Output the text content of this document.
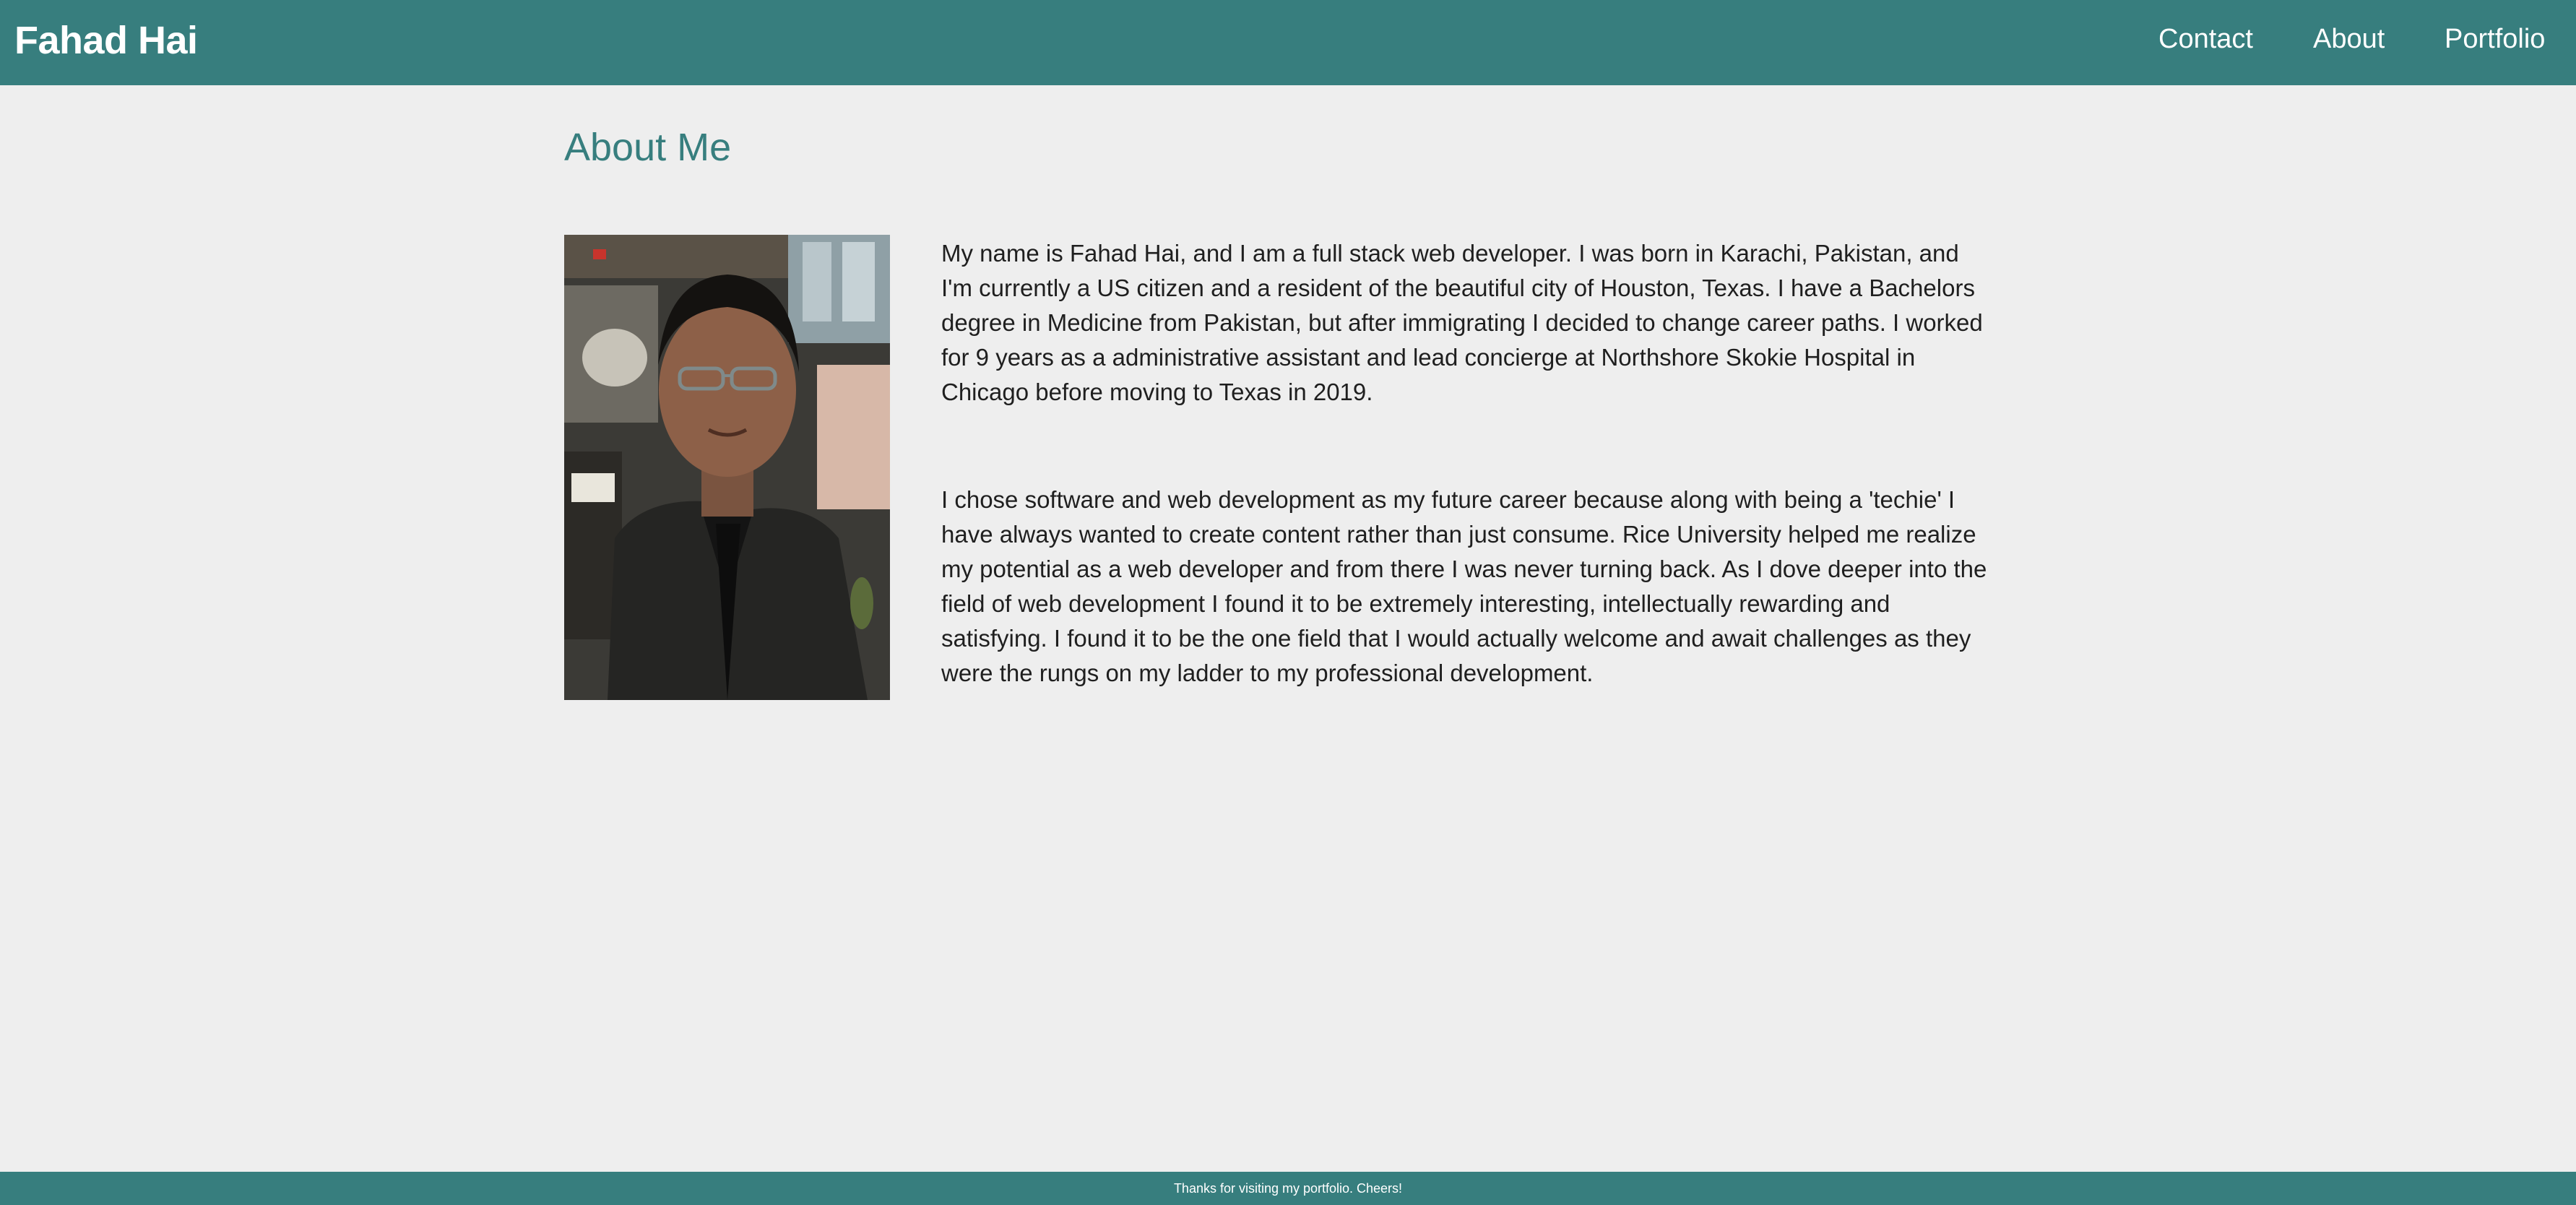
Fahad Hai	Contact About Portfolio
About Me

My name is Fahad Hai, and I am a full stack web developer. I was born in Karachi, Pakistan, and I'm currently a US citizen and a resident of the beautiful city of Houston, Texas. I have a Bachelors degree in Medicine from Pakistan, but after immigrating I decided to change career paths. I worked for 9 years as a administrative assistant and lead concierge at Northshore Skokie Hospital in Chicago before moving to Texas in 2019.

I chose software and web development as my future career because along with being a 'techie' I have always wanted to create content rather than just consume. Rice University helped me realize my potential as a web developer and from there I was never turning back. As I dove deeper into the field of web development I found it to be extremely interesting, intellectually rewarding and satisfying. I found it to be the one field that I would actually welcome and await challenges as they were the rungs on my ladder to my professional development.

Thanks for visiting my portfolio. Cheers!
